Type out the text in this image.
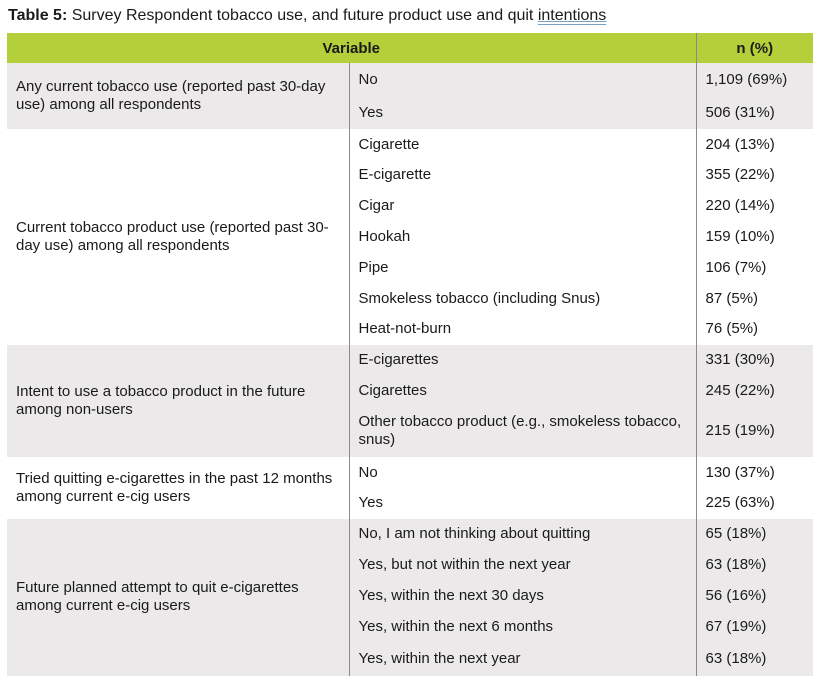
Table 5: Survey Respondent tobacco use, and future product use and quit intentions
Variable		n (%)
Any current tobacco use (reported past 30-day use) among all respondents	No	1,109 (69%)
	Yes	506 (31%)
Current tobacco product use (reported past 30-day use) among all respondents	Cigarette	204 (13%)
	E-cigarette	355 (22%)
	Cigar	220 (14%)
	Hookah	159 (10%)
	Pipe	106 (7%)
	Smokeless tobacco (including Snus)	87 (5%)
	Heat-not-burn	76 (5%)
Intent to use a tobacco product in the future among non-users	E-cigarettes	331 (30%)
	Cigarettes	245 (22%)
	Other tobacco product (e.g., smokeless tobacco, snus)	215 (19%)
Tried quitting e-cigarettes in the past 12 months among current e-cig users	No	130 (37%)
	Yes	225 (63%)
Future planned attempt to quit e-cigarettes among current e-cig users	No, I am not thinking about quitting	65 (18%)
	Yes, but not within the next year	63 (18%)
	Yes, within the next 30 days	56 (16%)
	Yes, within the next 6 months	67 (19%)
	Yes, within the next year	63 (18%)
